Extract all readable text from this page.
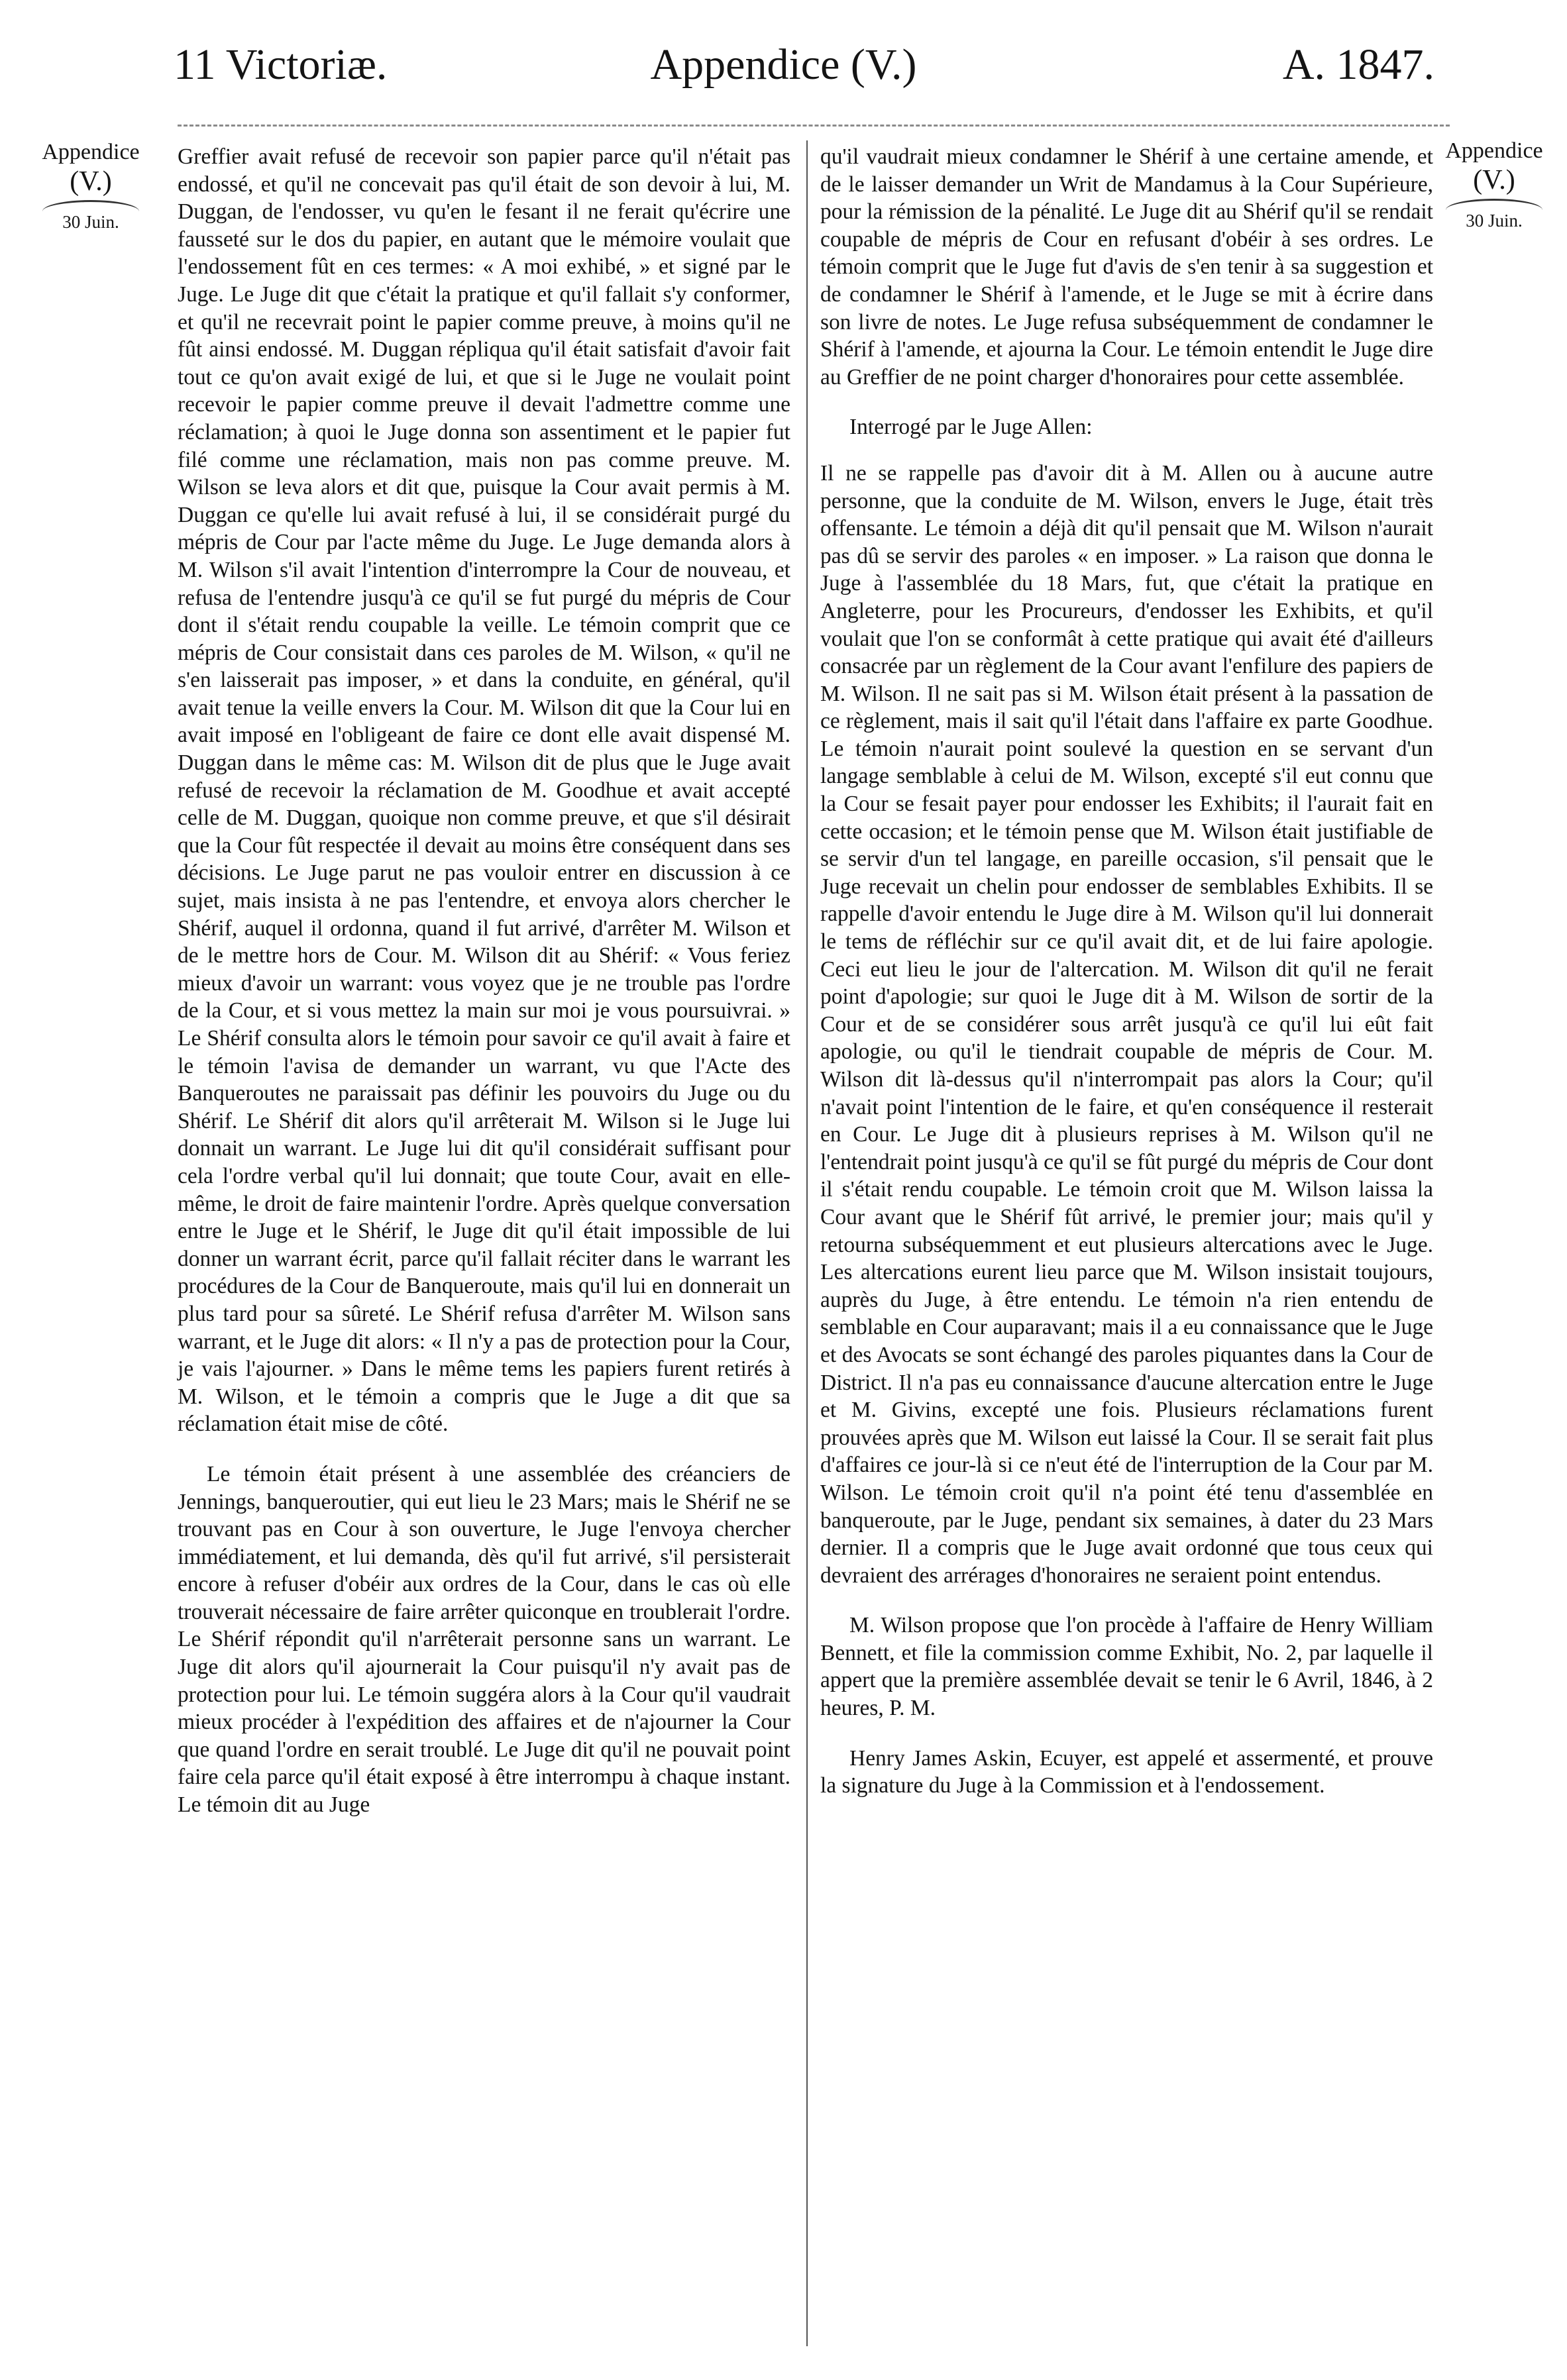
11 Victoriæ.	Appendice (V.)	A. 1847.
Appendice
(V.)
30 Juin.
Appendice
(V.)
30 Juin.

Greffier avait refusé de recevoir son papier parce qu'il n'était pas endossé, et qu'il ne concevait pas qu'il était de son devoir à lui, M. Duggan, de l'endosser, vu qu'en le fesant il ne ferait qu'écrire une fausseté sur le dos du papier, en autant que le mémoire voulait que l'endossement fût en ces termes: « A moi exhibé, » et signé par le Juge. Le Juge dit que c'était la pratique et qu'il fallait s'y conformer, et qu'il ne recevrait point le papier comme preuve, à moins qu'il ne fût ainsi endossé. M. Duggan répliqua qu'il était satisfait d'avoir fait tout ce qu'on avait exigé de lui, et que si le Juge ne voulait point recevoir le papier comme preuve il devait l'admettre comme une réclamation; à quoi le Juge donna son assentiment et le papier fut filé comme une réclamation, mais non pas comme preuve. M. Wilson se leva alors et dit que, puisque la Cour avait permis à M. Duggan ce qu'elle lui avait refusé à lui, il se considérait purgé du mépris de Cour par l'acte même du Juge. Le Juge demanda alors à M. Wilson s'il avait l'intention d'interrompre la Cour de nouveau, et refusa de l'entendre jusqu'à ce qu'il se fut purgé du mépris de Cour dont il s'était rendu coupable la veille. Le témoin comprit que ce mépris de Cour consistait dans ces paroles de M. Wilson, « qu'il ne s'en laisserait pas imposer, » et dans la conduite, en général, qu'il avait tenue la veille envers la Cour. M. Wilson dit que la Cour lui en avait imposé en l'obligeant de faire ce dont elle avait dispensé M. Duggan dans le même cas: M. Wilson dit de plus que le Juge avait refusé de recevoir la réclamation de M. Goodhue et avait accepté celle de M. Duggan, quoique non comme preuve, et que s'il désirait que la Cour fût respectée il devait au moins être conséquent dans ses décisions. Le Juge parut ne pas vouloir entrer en discussion à ce sujet, mais insista à ne pas l'entendre, et envoya alors chercher le Shérif, auquel il ordonna, quand il fut arrivé, d'arrêter M. Wilson et de le mettre hors de Cour. M. Wilson dit au Shérif: « Vous feriez mieux d'avoir un warrant: vous voyez que je ne trouble pas l'ordre de la Cour, et si vous mettez la main sur moi je vous poursuivrai. » Le Shérif consulta alors le témoin pour savoir ce qu'il avait à faire et le témoin l'avisa de demander un warrant, vu que l'Acte des Banqueroutes ne paraissait pas définir les pouvoirs du Juge ou du Shérif. Le Shérif dit alors qu'il arrêterait M. Wilson si le Juge lui donnait un warrant. Le Juge lui dit qu'il considérait suffisant pour cela l'ordre verbal qu'il lui donnait; que toute Cour, avait en elle-même, le droit de faire maintenir l'ordre. Après quelque conversation entre le Juge et le Shérif, le Juge dit qu'il était impossible de lui donner un warrant écrit, parce qu'il fallait réciter dans le warrant les procédures de la Cour de Banqueroute, mais qu'il lui en donnerait un plus tard pour sa sûreté. Le Shérif refusa d'arrêter M. Wilson sans warrant, et le Juge dit alors: « Il n'y a pas de protection pour la Cour, je vais l'ajourner. » Dans le même tems les papiers furent retirés à M. Wilson, et le témoin a compris que le Juge a dit que sa réclamation était mise de côté.

Le témoin était présent à une assemblée des créanciers de Jennings, banqueroutier, qui eut lieu le 23 Mars; mais le Shérif ne se trouvant pas en Cour à son ouverture, le Juge l'envoya chercher immédiatement, et lui demanda, dès qu'il fut arrivé, s'il persisterait encore à refuser d'obéir aux ordres de la Cour, dans le cas où elle trouverait nécessaire de faire arrêter quiconque en troublerait l'ordre. Le Shérif répondit qu'il n'arrêterait personne sans un warrant. Le Juge dit alors qu'il ajournerait la Cour puisqu'il n'y avait pas de protection pour lui. Le témoin suggéra alors à la Cour qu'il vaudrait mieux procéder à l'expédition des affaires et de n'ajourner la Cour que quand l'ordre en serait troublé. Le Juge dit qu'il ne pouvait point faire cela parce qu'il était exposé à être interrompu à chaque instant. Le témoin dit au Juge

qu'il vaudrait mieux condamner le Shérif à une certaine amende, et de le laisser demander un Writ de Mandamus à la Cour Supérieure, pour la rémission de la pénalité. Le Juge dit au Shérif qu'il se rendait coupable de mépris de Cour en refusant d'obéir à ses ordres. Le témoin comprit que le Juge fut d'avis de s'en tenir à sa suggestion et de condamner le Shérif à l'amende, et le Juge se mit à écrire dans son livre de notes. Le Juge refusa subséquemment de condamner le Shérif à l'amende, et ajourna la Cour. Le témoin entendit le Juge dire au Greffier de ne point charger d'honoraires pour cette assemblée.

Interrogé par le Juge Allen:

Il ne se rappelle pas d'avoir dit à M. Allen ou à aucune autre personne, que la conduite de M. Wilson, envers le Juge, était très offensante. Le témoin a déjà dit qu'il pensait que M. Wilson n'aurait pas dû se servir des paroles « en imposer. » La raison que donna le Juge à l'assemblée du 18 Mars, fut, que c'était la pratique en Angleterre, pour les Procureurs, d'endosser les Exhibits, et qu'il voulait que l'on se conformât à cette pratique qui avait été d'ailleurs consacrée par un règlement de la Cour avant l'enfilure des papiers de M. Wilson. Il ne sait pas si M. Wilson était présent à la passation de ce règlement, mais il sait qu'il l'était dans l'affaire ex parte Goodhue. Le témoin n'aurait point soulevé la question en se servant d'un langage semblable à celui de M. Wilson, excepté s'il eut connu que la Cour se fesait payer pour endosser les Exhibits; il l'aurait fait en cette occasion; et le témoin pense que M. Wilson était justifiable de se servir d'un tel langage, en pareille occasion, s'il pensait que le Juge recevait un chelin pour endosser de semblables Exhibits. Il se rappelle d'avoir entendu le Juge dire à M. Wilson qu'il lui donnerait le tems de réfléchir sur ce qu'il avait dit, et de lui faire apologie. Ceci eut lieu le jour de l'altercation. M. Wilson dit qu'il ne ferait point d'apologie; sur quoi le Juge dit à M. Wilson de sortir de la Cour et de se considérer sous arrêt jusqu'à ce qu'il lui eût fait apologie, ou qu'il le tiendrait coupable de mépris de Cour. M. Wilson dit là-dessus qu'il n'interrompait pas alors la Cour; qu'il n'avait point l'intention de le faire, et qu'en conséquence il resterait en Cour. Le Juge dit à plusieurs reprises à M. Wilson qu'il ne l'entendrait point jusqu'à ce qu'il se fût purgé du mépris de Cour dont il s'était rendu coupable. Le témoin croit que M. Wilson laissa la Cour avant que le Shérif fût arrivé, le premier jour; mais qu'il y retourna subséquemment et eut plusieurs altercations avec le Juge. Les altercations eurent lieu parce que M. Wilson insistait toujours, auprès du Juge, à être entendu. Le témoin n'a rien entendu de semblable en Cour auparavant; mais il a eu connaissance que le Juge et des Avocats se sont échangé des paroles piquantes dans la Cour de District. Il n'a pas eu connaissance d'aucune altercation entre le Juge et M. Givins, excepté une fois. Plusieurs réclamations furent prouvées après que M. Wilson eut laissé la Cour. Il se serait fait plus d'affaires ce jour-là si ce n'eut été de l'interruption de la Cour par M. Wilson. Le témoin croit qu'il n'a point été tenu d'assemblée en banqueroute, par le Juge, pendant six semaines, à dater du 23 Mars dernier. Il a compris que le Juge avait ordonné que tous ceux qui devraient des arrérages d'honoraires ne seraient point entendus.

M. Wilson propose que l'on procède à l'affaire de Henry William Bennett, et file la commission comme Exhibit, No. 2, par laquelle il appert que la première assemblée devait se tenir le 6 Avril, 1846, à 2 heures, P. M.

Henry James Askin, Ecuyer, est appelé et assermenté, et prouve la signature du Juge à la Commission et à l'endossement.
